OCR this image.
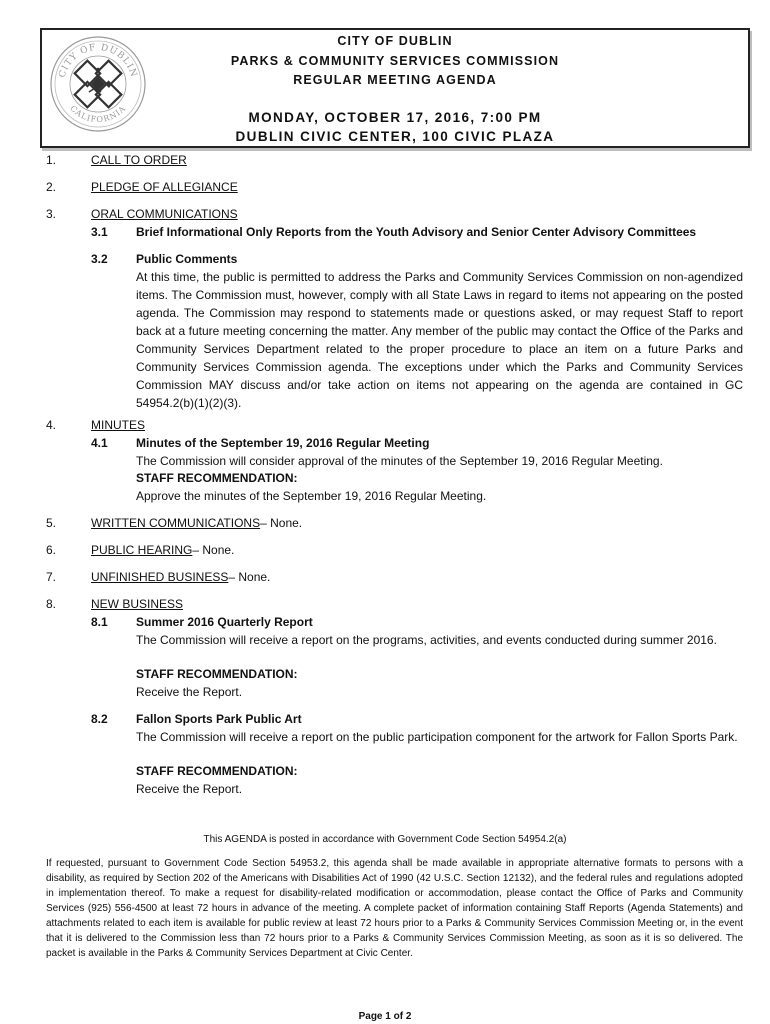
CITY OF DUBLIN
CALIFORNIA
CITY OF DUBLIN
PARKS & COMMUNITY SERVICES COMMISSION
REGULAR MEETING AGENDA
MONDAY, OCTOBER 17, 2016, 7:00 PM
DUBLIN CIVIC CENTER, 100 CIVIC PLAZA
1.	CALL TO ORDER
2.	PLEDGE OF ALLEGIANCE
3.	ORAL COMMUNICATIONS
3.1 Brief Informational Only Reports from the Youth Advisory and Senior Center Advisory Committees
3.2 Public Comments

At this time, the public is permitted to address the Parks and Community Services Commission on non-agendized items. The Commission must, however, comply with all State Laws in regard to items not appearing on the posted agenda. The Commission may respond to statements made or questions asked, or may request Staff to report back at a future meeting concerning the matter. Any member of the public may contact the Office of the Parks and Community Services Department related to the proper procedure to place an item on a future Parks and Community Services Commission agenda. The exceptions under which the Parks and Community Services Commission MAY discuss and/or take action on items not appearing on the agenda are contained in GC 54954.2(b)(1)(2)(3).

4.	MINUTES
4.1 Minutes of the September 19, 2016 Regular Meeting
The Commission will consider approval of the minutes of the September 19, 2016 Regular Meeting.
STAFF RECOMMENDATION:
Approve the minutes of the September 19, 2016 Regular Meeting.
5.	WRITTEN COMMUNICATIONS– None.
6.	PUBLIC HEARING– None.
7.	UNFINISHED BUSINESS– None.
8.	NEW BUSINESS
8.1 Summer 2016 Quarterly Report

The Commission will receive a report on the programs, activities, and events conducted during summer 2016.

STAFF RECOMMENDATION:
Receive the Report.
8.2 Fallon Sports Park Public Art

The Commission will receive a report on the public participation component for the artwork for Fallon Sports Park.

STAFF RECOMMENDATION:
Receive the Report.
This AGENDA is posted in accordance with Government Code Section 54954.2(a)

If requested, pursuant to Government Code Section 54953.2, this agenda shall be made available in appropriate alternative formats to persons with a disability, as required by Section 202 of the Americans with Disabilities Act of 1990 (42 U.S.C. Section 12132), and the federal rules and regulations adopted in implementation thereof. To make a request for disability-related modification or accommodation, please contact the Office of Parks and Community Services (925) 556-4500 at least 72 hours in advance of the meeting. A complete packet of information containing Staff Reports (Agenda Statements) and attachments related to each item is available for public review at least 72 hours prior to a Parks & Community Services Commission Meeting or, in the event that it is delivered to the Commission less than 72 hours prior to a Parks & Community Services Commission Meeting, as soon as it is so delivered. The packet is available in the Parks & Community Services Department at Civic Center.

Page 1 of 2
